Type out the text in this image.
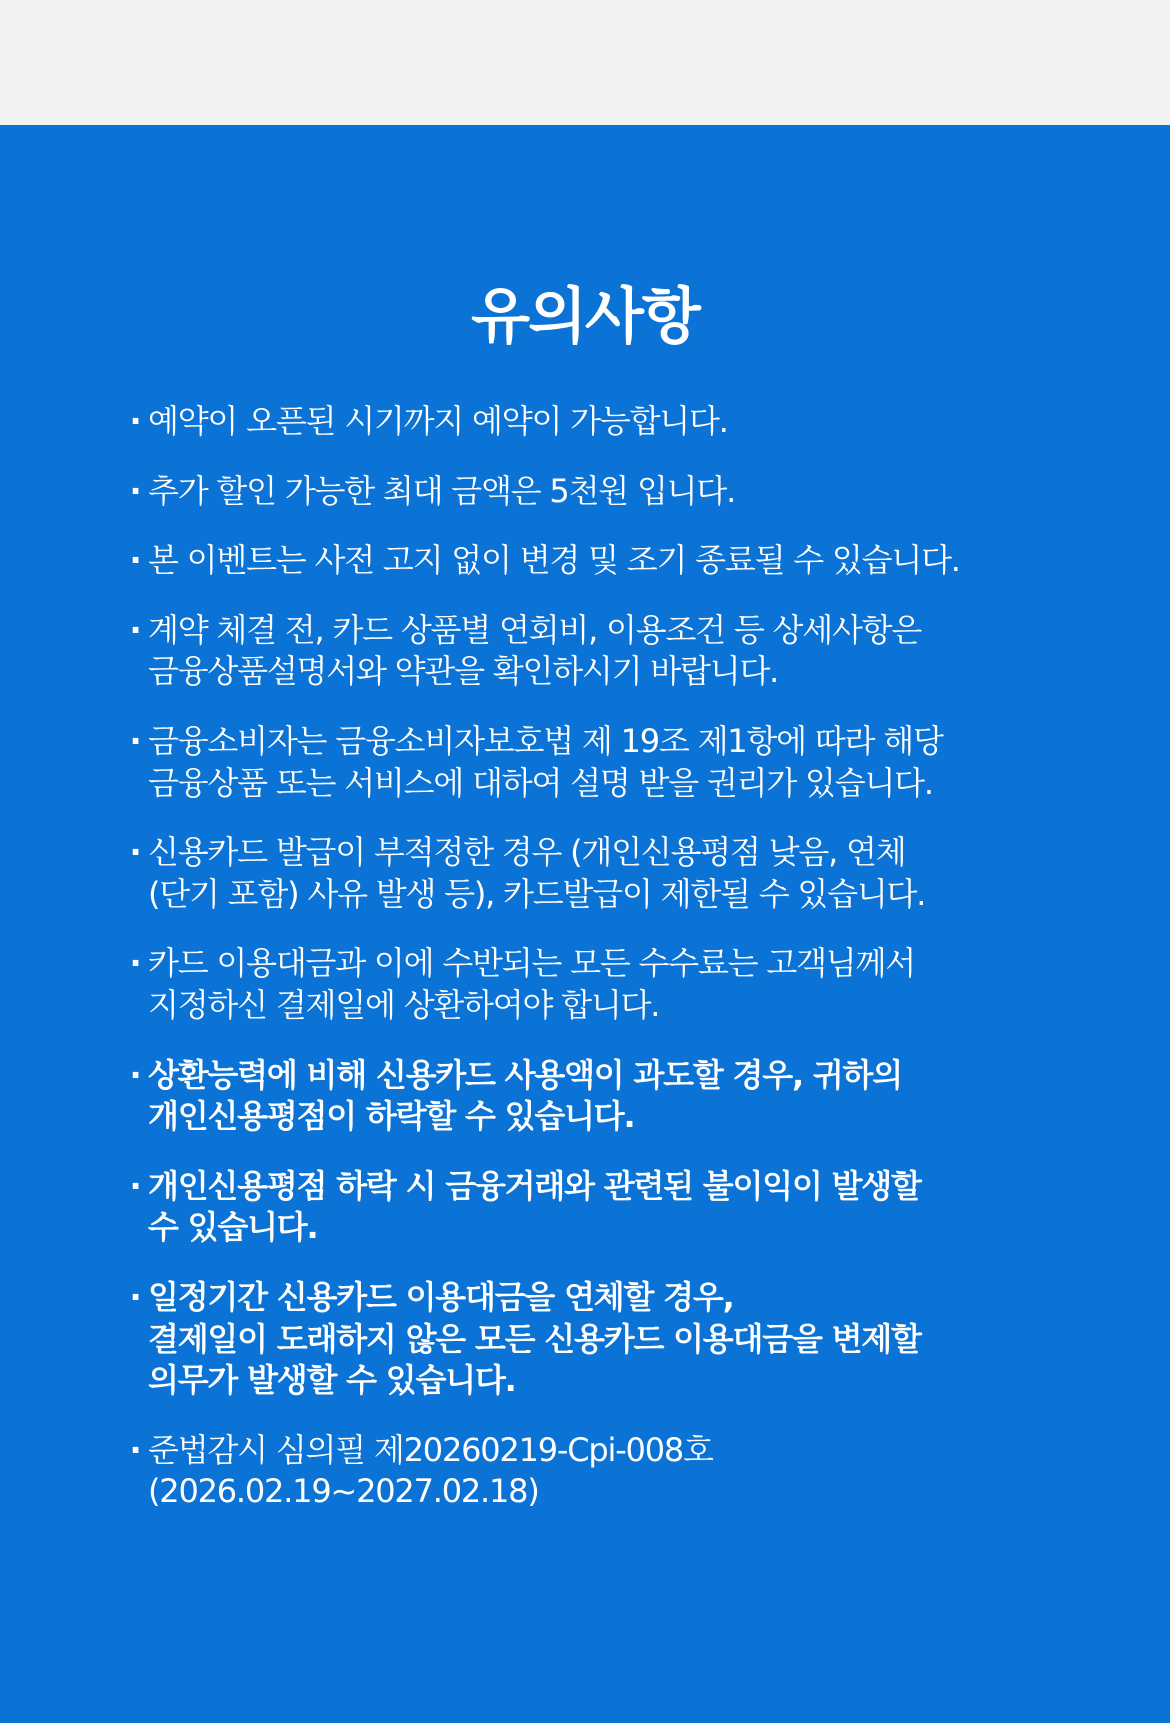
유의사항
· 예약이 오픈된 시기까지 예약이 가능합니다.
· 추가 할인 가능한 최대 금액은 5천원 입니다.
· 본 이벤트는 사전 고지 없이 변경 및 조기 종료될 수 있습니다.
· 계약 체결 전, 카드 상품별 연회비, 이용조건 등 상세사항은
금융상품설명서와 약관을 확인하시기 바랍니다.
· 금융소비자는 금융소비자보호법 제 19조 제1항에 따라 해당
금융상품 또는 서비스에 대하여 설명 받을 권리가 있습니다.
· 신용카드 발급이 부적정한 경우 (개인신용평점 낮음, 연체
(단기 포함) 사유 발생 등), 카드발급이 제한될 수 있습니다.
· 카드 이용대금과 이에 수반되는 모든 수수료는 고객님께서
지정하신 결제일에 상환하여야 합니다.
· 상환능력에 비해 신용카드 사용액이 과도할 경우, 귀하의
개인신용평점이 하락할 수 있습니다.
· 개인신용평점 하락 시 금융거래와 관련된 불이익이 발생할
수 있습니다.
· 일정기간 신용카드 이용대금을 연체할 경우,
결제일이 도래하지 않은 모든 신용카드 이용대금을 변제할
의무가 발생할 수 있습니다.
· 준법감시 심의필 제20260219-Cpi-008호
(2026.02.19~2027.02.18)
